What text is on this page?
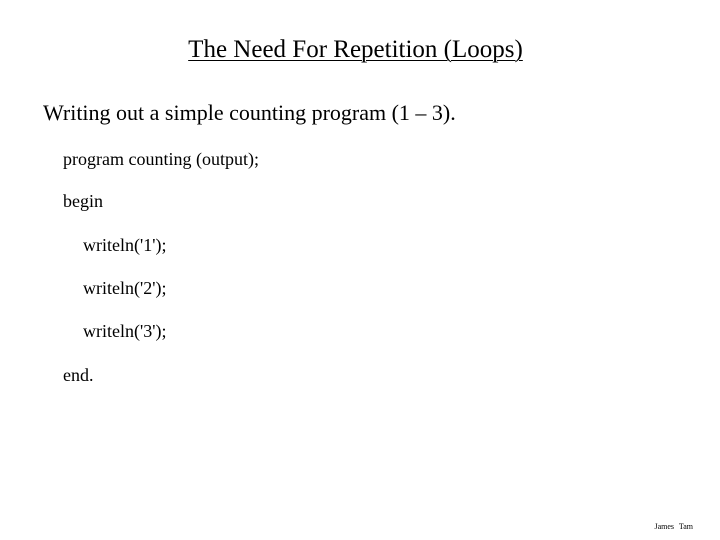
The Need For Repetition (Loops)
Writing out a simple counting program (1 – 3).
program counting (output);
begin
writeln('1');
writeln('2');
writeln('3');
end.
James Tam
